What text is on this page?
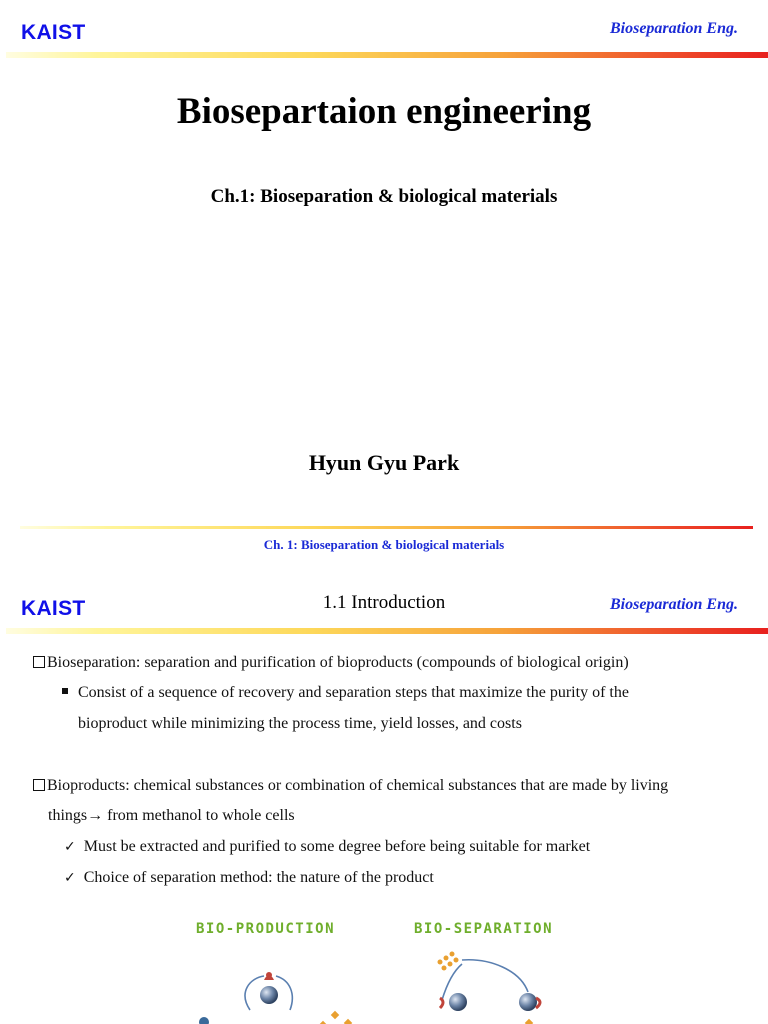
KAIST	Bioseparation Eng.
Biosepartaion engineering
Ch.1: Bioseparation & biological materials
Hyun Gyu Park
Ch. 1: Bioseparation & biological materials
KAIST	1.1 Introduction	Bioseparation Eng.
Bioseparation: separation and purification of bioproducts (compounds of biological origin)
Consist of a sequence of recovery and separation steps that maximize the purity of the
bioproduct while minimizing the process time, yield losses, and costs
Bioproducts: chemical substances or combination of chemical substances that are made by living
things→ from methanol to whole cells
✓ Must be extracted and purified to some degree before being suitable for market
✓ Choice of separation method: the nature of the product
BIO-PRODUCTION	BIO-SEPARATION
